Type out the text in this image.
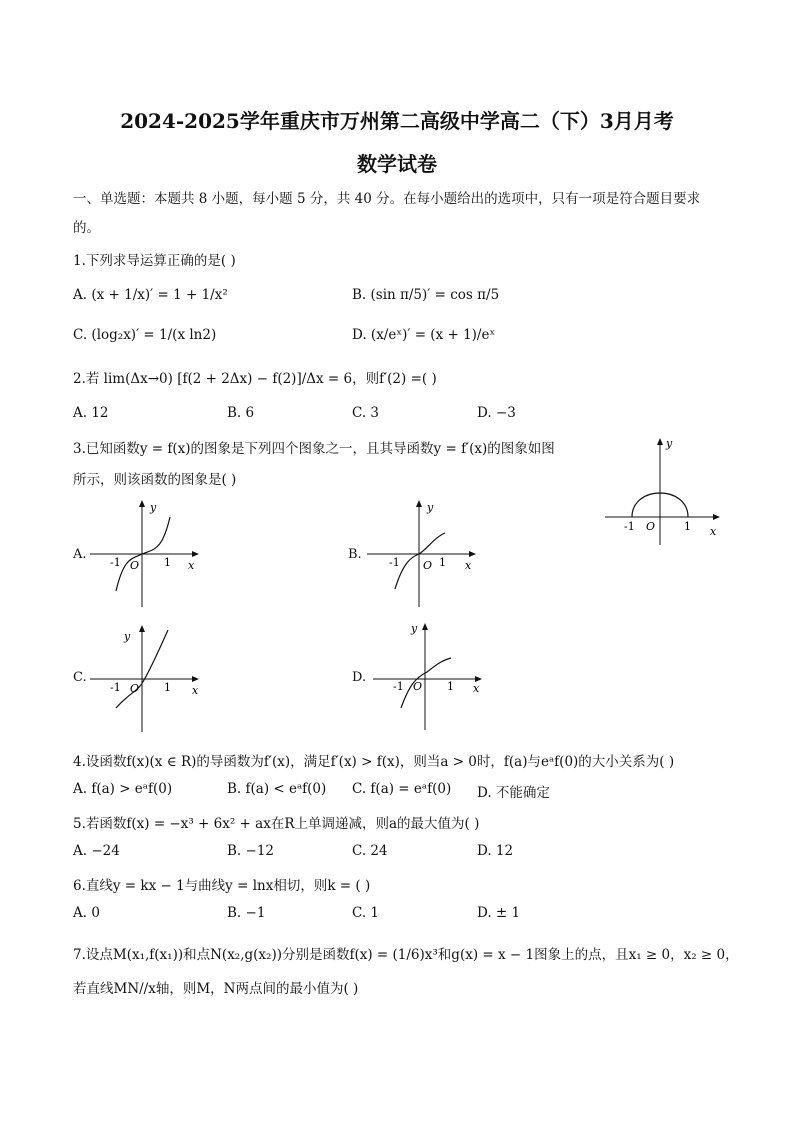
2024-2025学年重庆市万州第二高级中学高二（下）3月月考
数学试卷
一、单选题：本题共 8 小题，每小题 5 分，共 40 分。在每小题给出的选项中，只有一项是符合题目要求
的。
1.下列求导运算正确的是( )
A. (x + 1/x)′ = 1 + 1/x²	B. (sin π/5)′ = cos π/5
C. (log₂x)′ = 1/(x ln2)	D. (x/eˣ)′ = (x + 1)/eˣ
2.若 lim(Δx→0) [f(2 + 2Δx) − f(2)]/Δx = 6，则f′(2) =( )
A. 12	B. 6	C. 3	D. −3
3.已知函数y = f(x)的图象是下列四个图象之一，且其导函数y = f′(x)的图象如图
所示，则该函数的图象是( )
y
x
O
-1	1
A.
y
x
O
-1	1
B.
y
x
O
-1	1
C.
y
x
O
-1	1
D.
y
x
O
-1	1
4.设函数f(x)(x ∈ R)的导函数为f′(x)，满足f′(x) > f(x)，则当a > 0时，f(a)与eᵃf(0)的大小关系为( )
A. f(a) > eᵃf(0)	B. f(a) < eᵃf(0) C. f(a) = eᵃf(0) D. 不能确定
5.若函数f(x) = −x³ + 6x² + ax在R上单调递减，则a的最大值为( )
A. −24	B. −12	C. 24	D. 12
6.直线y = kx − 1与曲线y = lnx相切，则k = ( )
A. 0	B. −1	C. 1	D. ± 1
7.设点M(x₁,f(x₁))和点N(x₂,g(x₂))分别是函数f(x) = (1/6)x³和g(x) = x − 1图象上的点，且x₁ ≥ 0，x₂ ≥ 0，
若直线MN//x轴，则M，N两点间的最小值为( )
